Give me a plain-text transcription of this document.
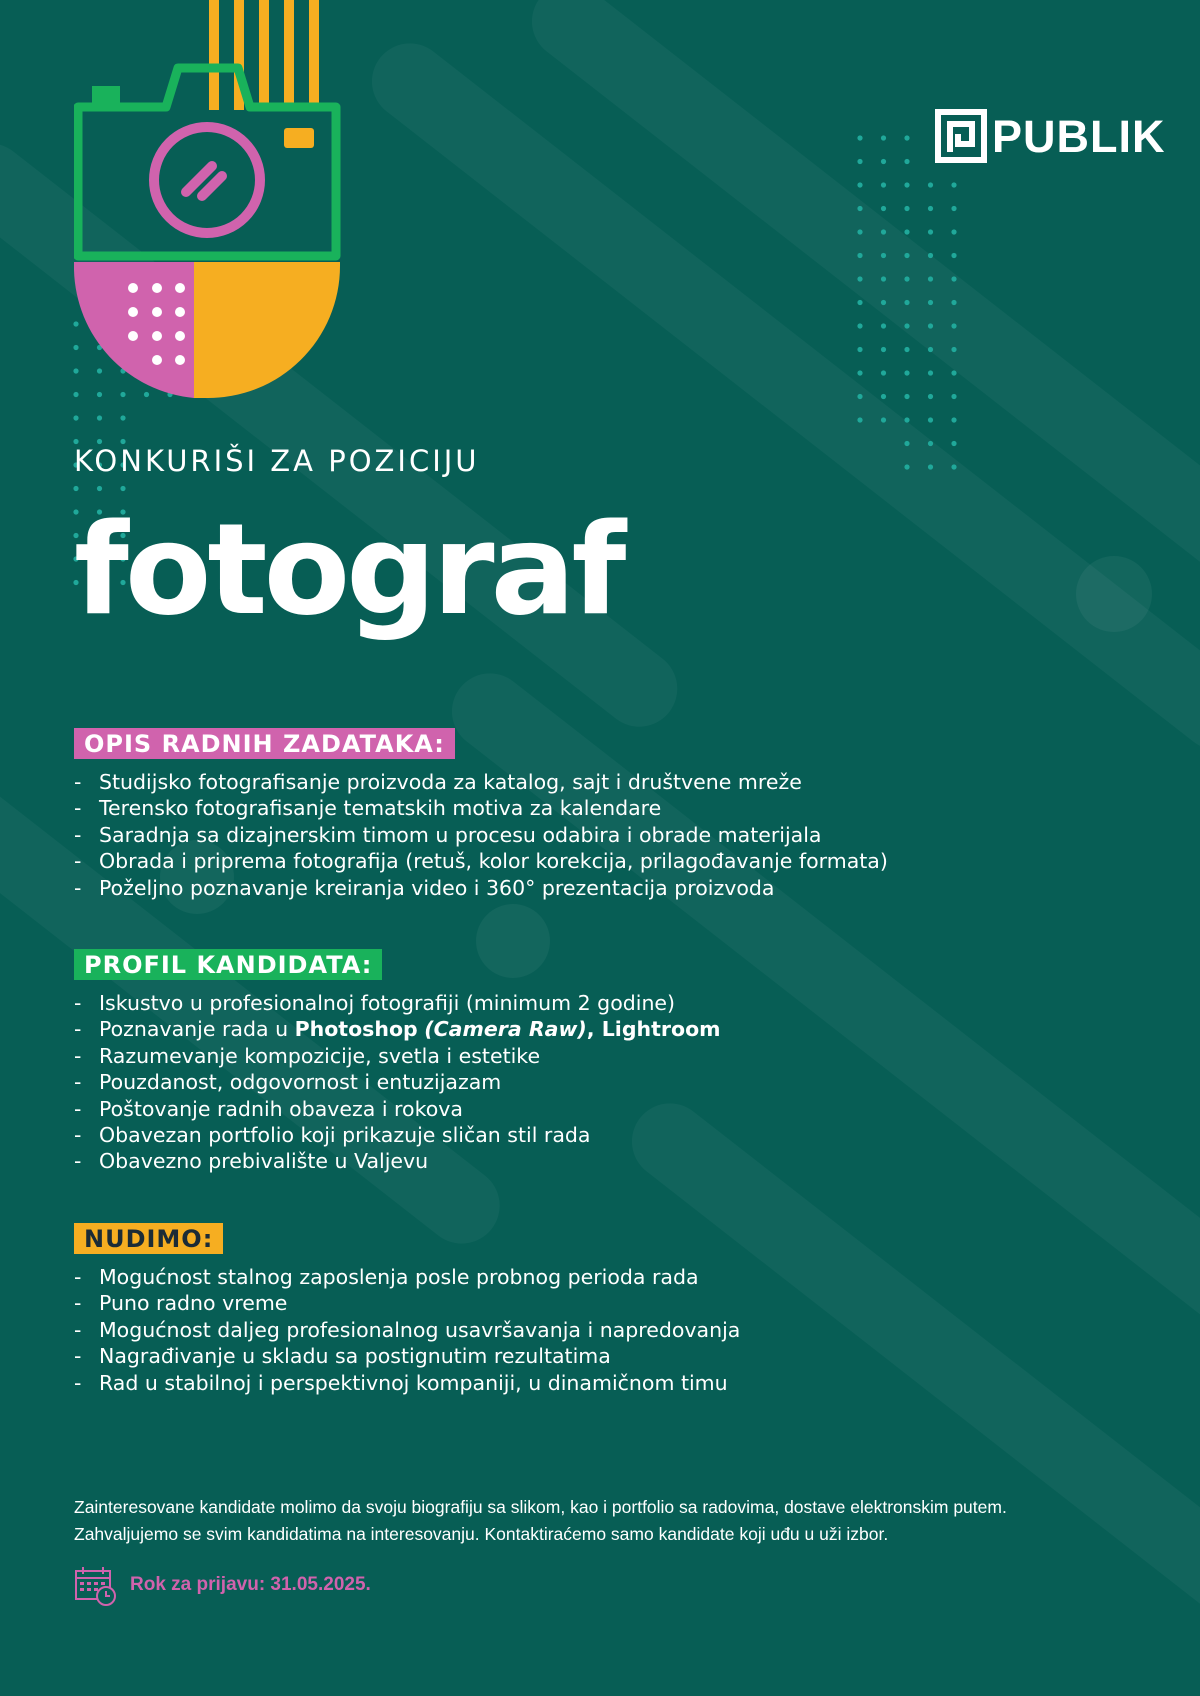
PUBLIK
KONKURIŠI ZA POZICIJU
fotograf
OPIS RADNIH ZADATAKA:
- Studijsko fotografisanje proizvoda za katalog, sajt i društvene mreže
- Terensko fotografisanje tematskih motiva za kalendare
- Saradnja sa dizajnerskim timom u procesu odabira i obrade materijala
- Obrada i priprema fotografija (retuš, kolor korekcija, prilagođavanje formata)
- Poželjno poznavanje kreiranja video i 360° prezentacija proizvoda
PROFIL KANDIDATA:
- Iskustvo u profesionalnoj fotografiji (minimum 2 godine)
- Poznavanje rada u Photoshop (Camera Raw), Lightroom
- Razumevanje kompozicije, svetla i estetike
- Pouzdanost, odgovornost i entuzijazam
- Poštovanje radnih obaveza i rokova
- Obavezan portfolio koji prikazuje sličan stil rada
- Obavezno prebivalište u Valjevu
NUDIMO:
- Mogućnost stalnog zaposlenja posle probnog perioda rada
- Puno radno vreme
- Mogućnost daljeg profesionalnog usavršavanja i napredovanja
- Nagrađivanje u skladu sa postignutim rezultatima
- Rad u stabilnoj i perspektivnoj kompaniji, u dinamičnom timu

Zainteresovane kandidate molimo da svoju biografiju sa slikom, kao i portfolio sa radovima, dostave elektronskim putem.
Zahvaljujemo se svim kandidatima na interesovanju. Kontaktiraćemo samo kandidate koji uđu u uži izbor.

Rok za prijavu: 31.05.2025.
